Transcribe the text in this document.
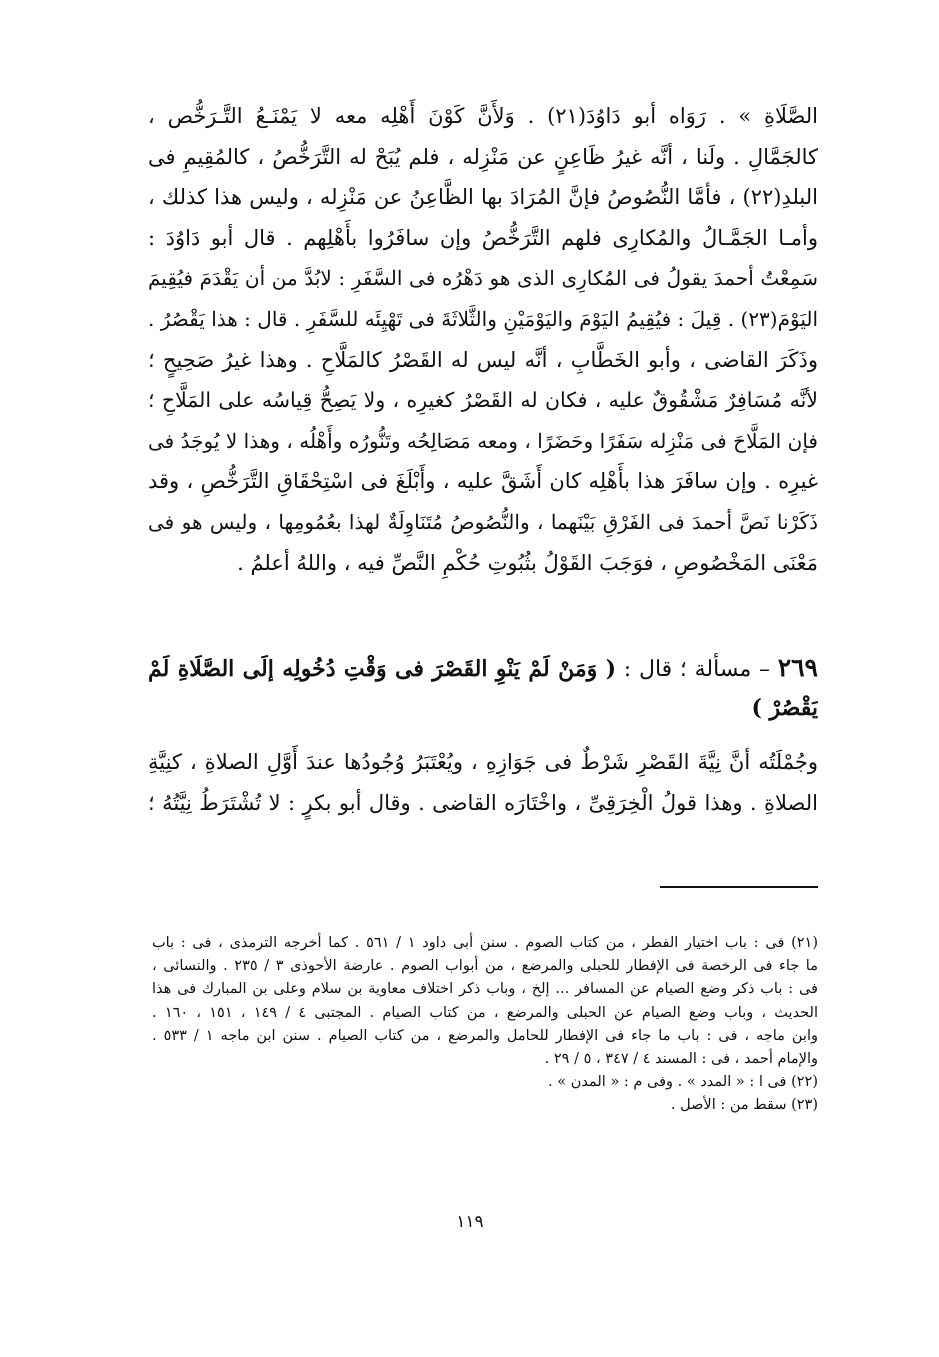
الصَّلَاةِ » . رَوَاه أبو دَاوُدَ(٢١) . وَلأَنَّ كَوْنَ أَهْلِه معه لا يَمْنَـعُ التَّـرَخُّص ،
كالجَمَّالِ . ولَنا ، أنَّه غيرُ ظَاعِنٍ عن مَنْزِله ، فلم يُبَحْ له التَّرَخُّصُ ، كالمُقِيمِ فى
البلدِ(٢٢) ، فأمَّا النُّصُوصُ فإنَّ المُرَادَ بها الظَّاعِنُ عن مَنْزِله ، وليس هذا كذلك ،
وأمـا الجَمَّـالُ والمُكارِى فلهم التَّرَخُّصُ وإن سافَرُوا بأَهْلِهم . قال أبو دَاوُدَ :
سَمِعْتُ أحمدَ يقولُ فى المُكارِى الذى هو دَهْرُه فى السَّفَرِ : لابُدَّ من أن يَقْدَمَ فيُقِيمَ
اليَوْمَ(٢٣) . قِيلَ : فيُقِيمُ اليَوْمَ واليَوْمَيْنِ والثَّلاثَةَ فى تَهْيِئَه للسَّفَرِ . قال : هذا يَقْصُرُ .
وذَكَرَ القاضى ، وأبو الخَطَّابِ ، أنَّه ليس له القَصْرُ كالمَلَّاحِ . وهذا غيرُ صَحِيحٍ ؛
لأنَّه مُسَافِرٌ مَشْقُوقٌ عليه ، فكان له القَصْرُ كغيرِه ، ولا يَصِحُّ قِياسُه على المَلَّاحِ ؛
فإن المَلَّاحَ فى مَنْزِله سَفَرًا وحَضَرًا ، ومعه مَصَالِحُه وتَنُّورُه وأَهْلُه ، وهذا لا يُوجَدُ فى
غيرِه . وإن سافَرَ هذا بأَهْلِه كان أَشَقَّ عليه ، وأَبْلَغَ فى اسْتِحْقَاقِ التَّرَخُّصِ ، وقد
ذَكَرْنا نَصَّ أحمدَ فى الفَرْقِ بَيْنَهما ، والنُّصُوصُ مُتَنَاوِلَةٌ لهذا بعُمُومِها ، وليس هو فى
مَعْنَى المَخْصُوصِ ، فوَجَبَ القَوْلُ بثُبُوتِ حُكْمِ النَّصِّ فيه ، واللهُ أعلمُ .
٢٦٩ – مسألة ؛ قال : ( وَمَنْ لَمْ يَنْوِ القَصْرَ فى وَقْتِ دُخُولِه إلَى الصَّلَاةِ لَمْ
يَقْصُرْ )
وجُمْلَتُه أنَّ نِيَّةَ القَصْرِ شَرْطٌ فى جَوَازِهِ ، ويُعْتَبَرُ وُجُودُها عندَ أَوَّلِ الصلاةِ ، كنِيَّةِ
الصلاةِ . وهذا قولُ الْخِرَقِىِّ ، واخْتَارَه القاضى . وقال أبو بكرٍ : لا تُشْتَرَطُ نِيَّتُهُ ؛
(٢١) فى : باب اختيار الفطر ، من كتاب الصوم . سنن أبى داود ١ / ٥٦١ . كما أخرجه الترمذى ، فى : باب
ما جاء فى الرخصة فى الإفطار للحبلى والمرضع ، من أبواب الصوم . عارضة الأحوذى ٣ / ٢٣٥ . والنسائى ،
فى : باب ذكر وضع الصيام عن المسافر ... إلخ ، وباب ذكر اختلاف معاوية بن سلام وعلى بن المبارك فى هذا
الحديث ، وباب وضع الصيام عن الحبلى والمرضع ، من كتاب الصيام . المجتبى ٤ / ١٤٩ ، ١٥١ ، ١٦٠ .
وابن ماجه ، فى : باب ما جاء فى الإفطار للحامل والمرضع ، من كتاب الصيام . سنن ابن ماجه ١ / ٥٣٣ .
والإمام أحمد ، فى : المسند ٤ / ٣٤٧ ، ٥ / ٢٩ .
(٢٢) فى ا : « المدد » . وفى م : « المدن » .
(٢٣) سقط من : الأصل .
١١٩
